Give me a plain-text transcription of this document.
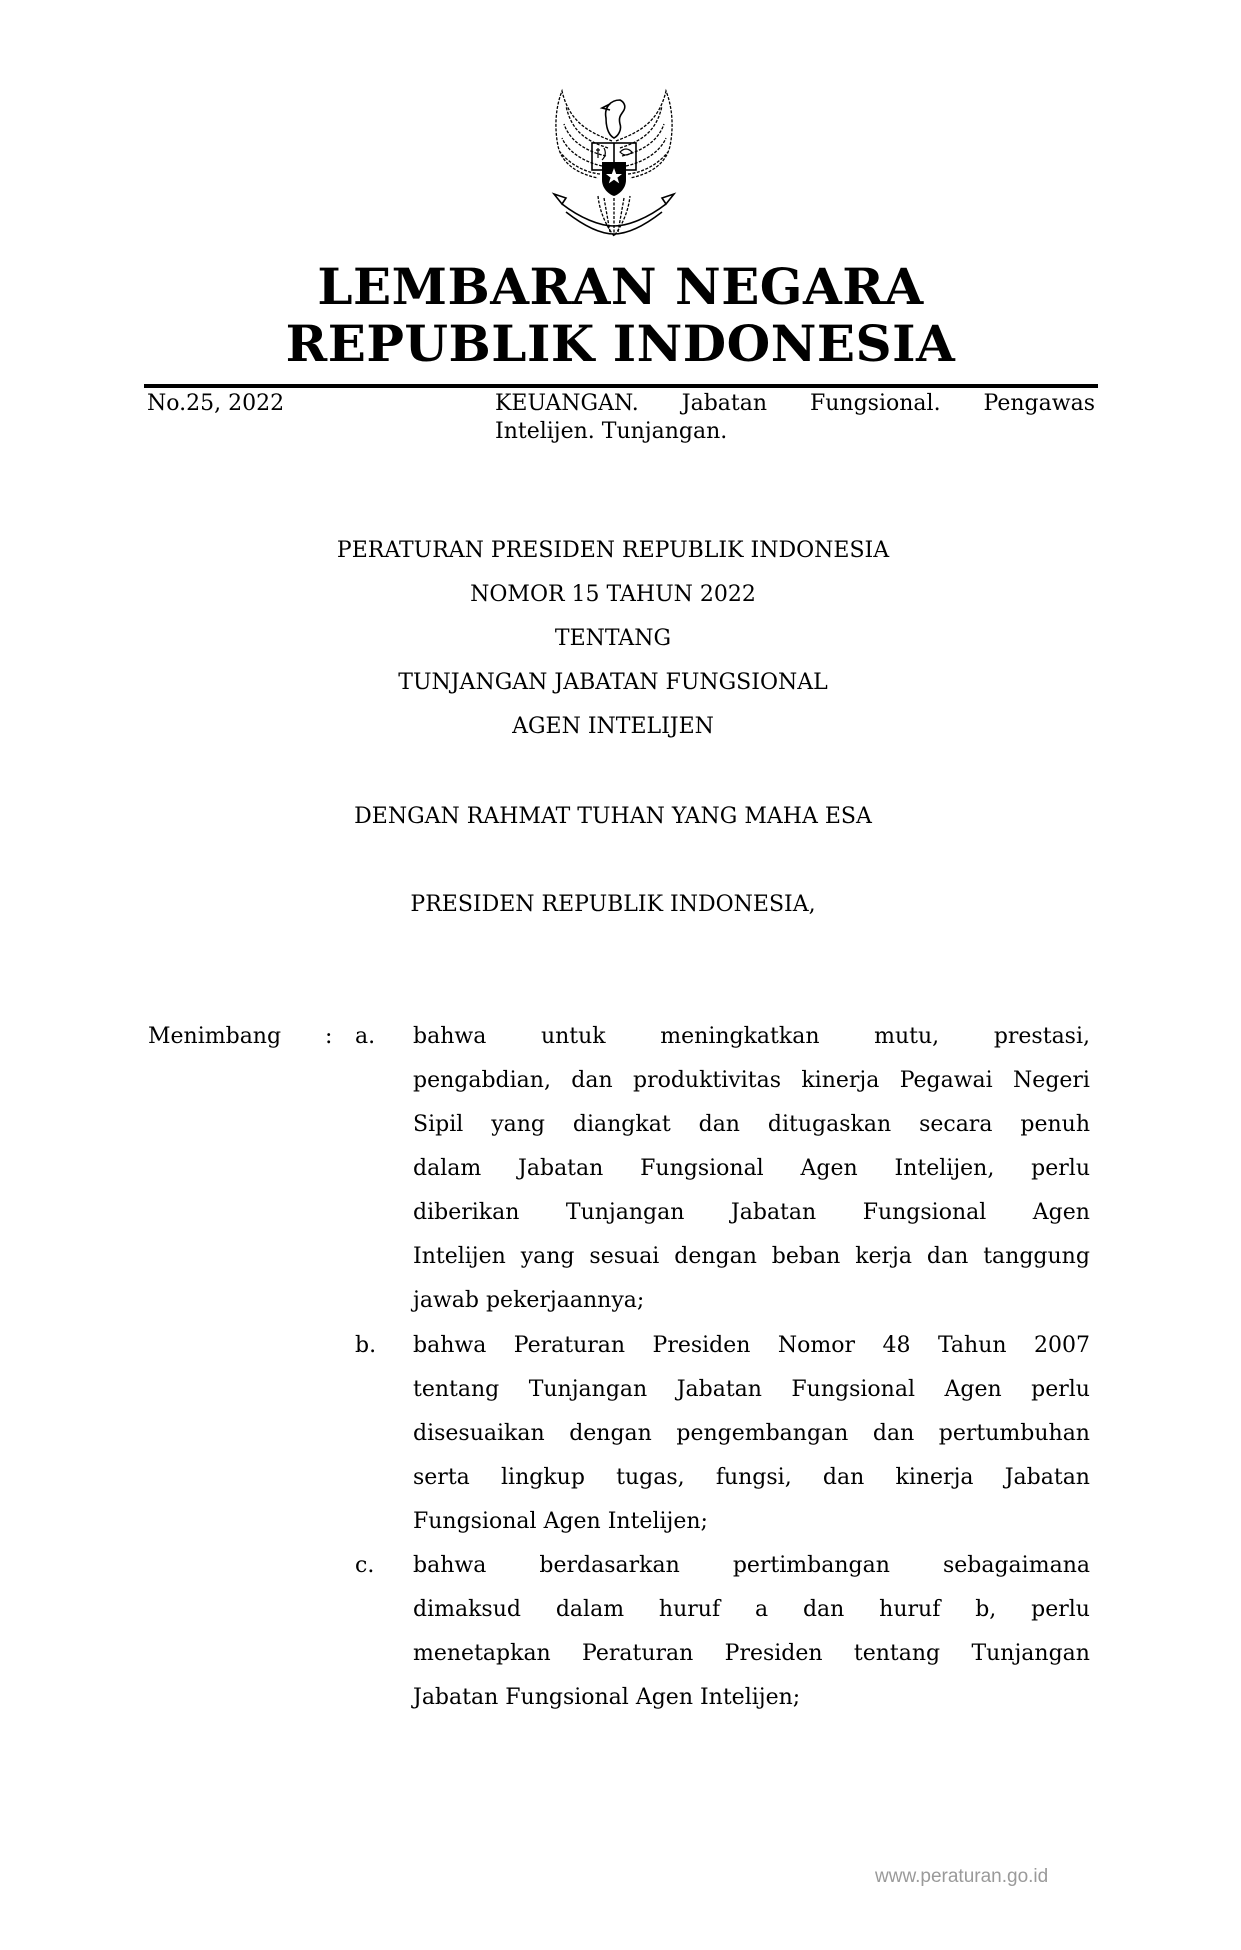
LEMBARAN NEGARA
REPUBLIK INDONESIA
No.25, 2022	KEUANGAN. Jabatan Fungsional. Pengawas
Intelijen. Tunjangan.
PERATURAN PRESIDEN REPUBLIK INDONESIA
NOMOR 15 TAHUN 2022
TENTANG
TUNJANGAN JABATAN FUNGSIONAL
AGEN INTELIJEN
DENGAN RAHMAT TUHAN YANG MAHA ESA
PRESIDEN REPUBLIK INDONESIA,
Menimbang : a. bahwa untuk meningkatkan mutu, prestasi,
pengabdian, dan produktivitas kinerja Pegawai Negeri
Sipil yang diangkat dan ditugaskan secara penuh
dalam Jabatan Fungsional Agen Intelijen, perlu
diberikan Tunjangan Jabatan Fungsional Agen
Intelijen yang sesuai dengan beban kerja dan tanggung
jawab pekerjaannya;
b. bahwa Peraturan Presiden Nomor 48 Tahun 2007
tentang Tunjangan Jabatan Fungsional Agen perlu
disesuaikan dengan pengembangan dan pertumbuhan
serta lingkup tugas, fungsi, dan kinerja Jabatan
Fungsional Agen Intelijen;
c. bahwa berdasarkan pertimbangan sebagaimana
dimaksud dalam huruf a dan huruf b, perlu
menetapkan Peraturan Presiden tentang Tunjangan
Jabatan Fungsional Agen Intelijen;
www.peraturan.go.id
